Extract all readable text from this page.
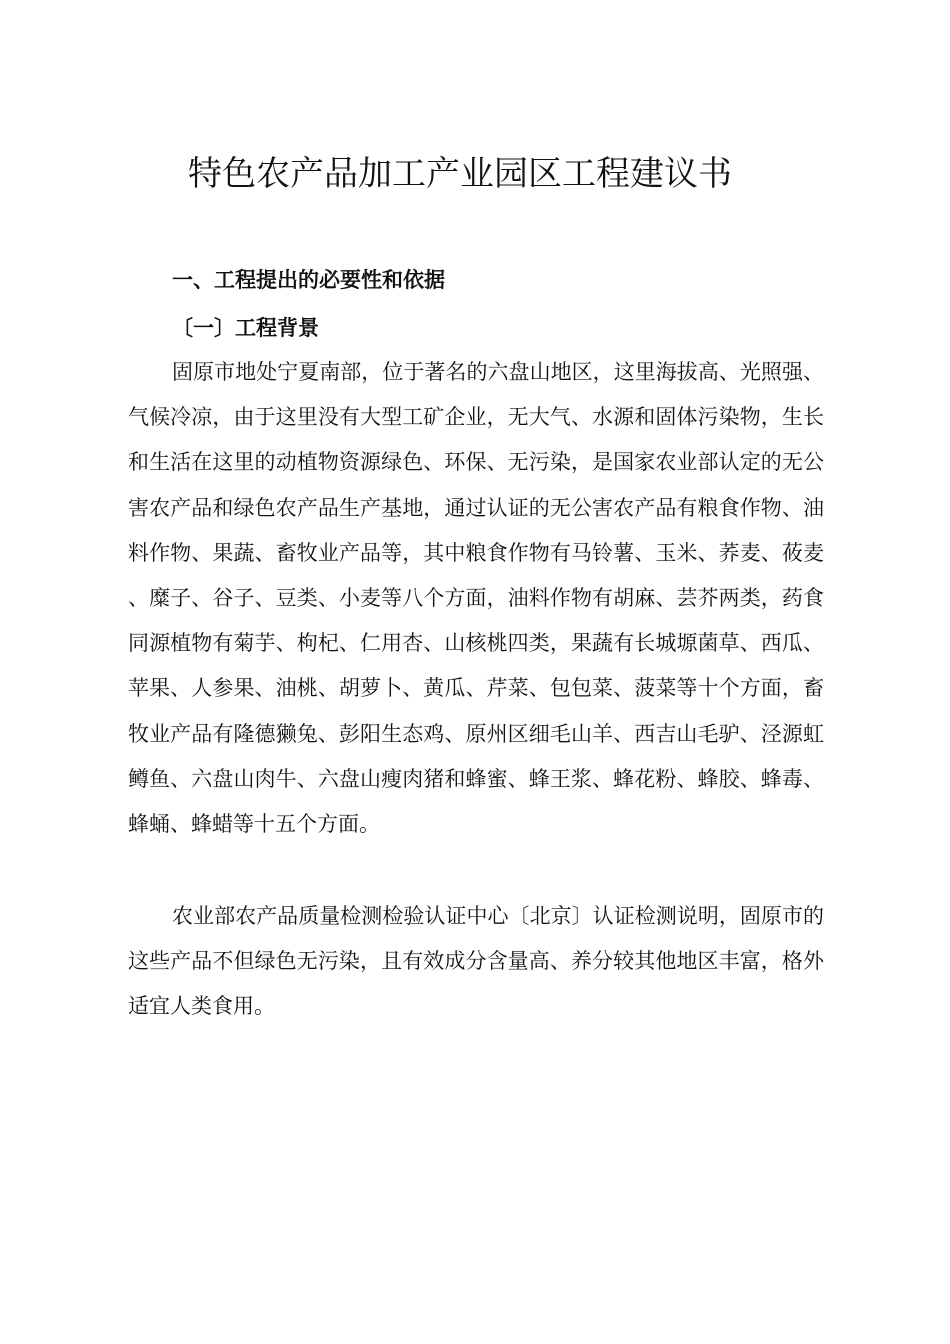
特色农产品加工产业园区工程建议书
一、工程提出的必要性和依据
〔一〕工程背景

固原市地处宁夏南部，位于著名的六盘山地区，这里海拔高、光照强、气候冷凉，由于这里没有大型工矿企业，无大气、水源和固体污染物，生长和生活在这里的动植物资源绿色、环保、无污染，是国家农业部认定的无公害农产品和绿色农产品生产基地，通过认证的无公害农产品有粮食作物、油料作物、果蔬、畜牧业产品等，其中粮食作物有马铃薯、玉米、荞麦、莜麦、糜子、谷子、豆类、小麦等八个方面，油料作物有胡麻、芸芥两类，药食同源植物有菊芋、枸杞、仁用杏、山核桃四类，果蔬有长城塬菌草、西瓜、苹果、人参果、油桃、胡萝卜、黄瓜、芹菜、包包菜、菠菜等十个方面，畜牧业产品有隆德獭兔、彭阳生态鸡、原州区细毛山羊、西吉山毛驴、泾源虹鳟鱼、六盘山肉牛、六盘山瘦肉猪和蜂蜜、蜂王浆、蜂花粉、蜂胶、蜂毒、蜂蛹、蜂蜡等十五个方面。

农业部农产品质量检测检验认证中心〔北京〕认证检测说明，固原市的这些产品不但绿色无污染，且有效成分含量高、养分较其他地区丰富，格外适宜人类食用。
